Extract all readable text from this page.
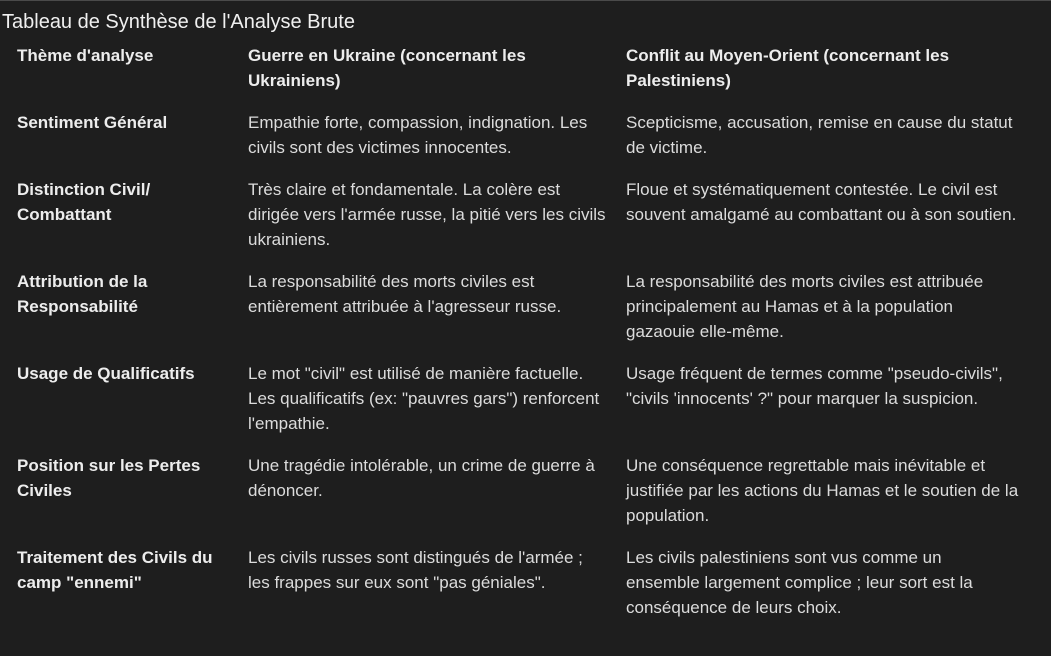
Tableau de Synthèse de l'Analyse Brute
Thème d'analyse	Guerre en Ukraine (concernant les Ukrainiens)	Conflit au Moyen-Orient (concernant les Palestiniens)

Sentiment Général	Empathie forte, compassion, indignation. Les civils sont des victimes innocentes.	Scepticisme, accusation, remise en cause du statut de victime.

Distinction Civil/ Combattant	Très claire et fondamentale. La colère est dirigée vers l'armée russe, la pitié vers les civils ukrainiens.	Floue et systématiquement contestée. Le civil est souvent amalgamé au combattant ou à son soutien.

Attribution de la Responsabilité	La responsabilité des morts civiles est entièrement attribuée à l'agresseur russe.	La responsabilité des morts civiles est attribuée principalement au Hamas et à la population gazaouie elle-même.

Usage de Qualificatifs	Le mot "civil" est utilisé de manière factuelle. Les qualificatifs (ex: "pauvres gars") renforcent l'empathie.	Usage fréquent de termes comme "pseudo-civils", "civils 'innocents' ?" pour marquer la suspicion.

Position sur les Pertes Civiles	Une tragédie intolérable, un crime de guerre à dénoncer.	Une conséquence regrettable mais inévitable et justifiée par les actions du Hamas et le soutien de la population.

Traitement des Civils du camp "ennemi"	Les civils russes sont distingués de l'armée ; les frappes sur eux sont "pas géniales".	Les civils palestiniens sont vus comme un ensemble largement complice ; leur sort est la conséquence de leurs choix.
